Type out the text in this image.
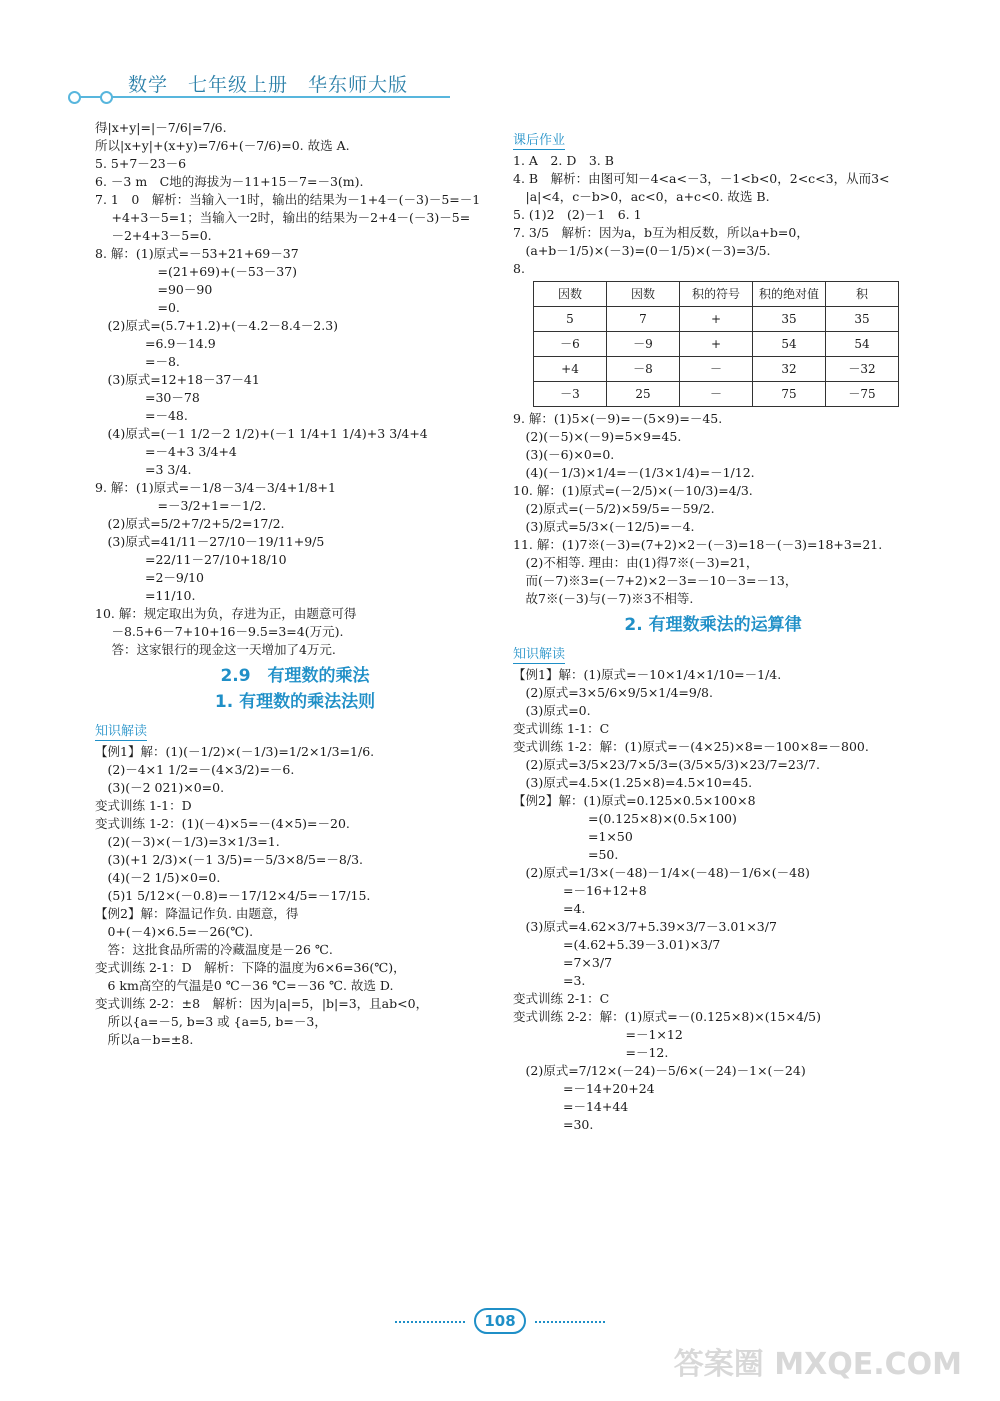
数学　七年级上册　华东师大版
得|x+y|=|－7/6|=7/6.
所以|x+y|+(x+y)=7/6+(－7/6)=0. 故选 A.
5. 5+7－23－6
6. －3 m　C地的海拔为－11+15－7=－3(m).
7. 1　0　解析：当输入一1时，输出的结果为－1+4－(－3)－5=－1
　 +4+3－5=1；当输入一2时，输出的结果为－2+4－(－3)－5=
　 －2+4+3－5=0.
8. 解：(1)原式=－53+21+69－37
　　　　　=(21+69)+(－53－37)
　　　　　=90－90
　　　　　=0.
　(2)原式=(5.7+1.2)+(－4.2－8.4－2.3)
　　　　=6.9－14.9
　　　　=－8.
　(3)原式=12+18－37－41
　　　　=30－78
　　　　=－48.
　(4)原式=(－1 1/2－2 1/2)+(－1 1/4+1 1/4)+3 3/4+4
　　　　=－4+3 3/4+4
　　　　=3 3/4.
9. 解：(1)原式=－1/8－3/4－3/4+1/8+1
　　　　　=－3/2+1=－1/2.
　(2)原式=5/2+7/2+5/2=17/2.
　(3)原式=41/11－27/10－19/11+9/5
　　　　=22/11－27/10+18/10
　　　　=2－9/10
　　　　=11/10.
10. 解：规定取出为负，存进为正，由题意可得
　 －8.5+6－7+10+16－9.5=3=4(万元).
　 答：这家银行的现金这一天增加了4万元.
2.9　有理数的乘法
1. 有理数的乘法法则
知识解读
【例1】解：(1)(－1/2)×(－1/3)=1/2×1/3=1/6.
　(2)－4×1 1/2=－(4×3/2)=－6.
　(3)(－2 021)×0=0.
变式训练 1-1：D
变式训练 1-2：(1)(－4)×5=－(4×5)=－20.
　(2)(－3)×(－1/3)=3×1/3=1.
　(3)(+1 2/3)×(－1 3/5)=－5/3×8/5=－8/3.
　(4)(－2 1/5)×0=0.
　(5)1 5/12×(－0.8)=－17/12×4/5=－17/15.
【例2】解：降温记作负. 由题意，得
　0+(－4)×6.5=－26(℃).
　答：这批食品所需的冷藏温度是－26 ℃.
变式训练 2-1：D　解析：下降的温度为6×6=36(℃)，
　6 km高空的气温是0 ℃－36 ℃=－36 ℃. 故选 D.
变式训练 2-2：±8　解析：因为|a|=5，|b|=3，且ab<0，
　所以{a=－5, b=3 或 {a=5, b=－3，
　所以a－b=±8.
课后作业
1. A　2. D　3. B
4. B　解析：由图可知－4<a<－3，－1<b<0，2<c<3，从而3<
　|a|<4，c－b>0，ac<0，a+c<0. 故选 B.
5. (1)2　(2)－1　6. 1
7. 3/5　解析：因为a，b互为相反数，所以a+b=0，
　(a+b－1/5)×(－3)=(0－1/5)×(－3)=3/5.
8.
因数	因数	积的符号	积的绝对值	积
5	7	+	35	35
－6	－9	+	54	54
+4	－8	－	32	－32
－3	25	－	75	－75
9. 解：(1)5×(－9)=－(5×9)=－45.
　(2)(－5)×(－9)=5×9=45.
　(3)(－6)×0=0.
　(4)(－1/3)×1/4=－(1/3×1/4)=－1/12.
10. 解：(1)原式=(－2/5)×(－10/3)=4/3.
　(2)原式=(－5/2)×59/5=－59/2.
　(3)原式=5/3×(－12/5)=－4.
11. 解：(1)7※(－3)=(7+2)×2－(－3)=18－(－3)=18+3=21.
　(2)不相等. 理由：由(1)得7※(－3)=21，
　而(－7)※3=(－7+2)×2－3=－10－3=－13，
　故7※(－3)与(－7)※3不相等.
2. 有理数乘法的运算律
知识解读
【例1】解：(1)原式=－10×1/4×1/10=－1/4.
　(2)原式=3×5/6×9/5×1/4=9/8.
　(3)原式=0.
变式训练 1-1：C
变式训练 1-2：解：(1)原式=－(4×25)×8=－100×8=－800.
　(2)原式=3/5×23/7×5/3=(3/5×5/3)×23/7=23/7.
　(3)原式=4.5×(1.25×8)=4.5×10=45.
【例2】解：(1)原式=0.125×0.5×100×8
　　　　　　=(0.125×8)×(0.5×100)
　　　　　　=1×50
　　　　　　=50.
　(2)原式=1/3×(－48)－1/4×(－48)－1/6×(－48)
　　　　=－16+12+8
　　　　=4.
　(3)原式=4.62×3/7+5.39×3/7－3.01×3/7
　　　　=(4.62+5.39－3.01)×3/7
　　　　=7×3/7
　　　　=3.
变式训练 2-1：C
变式训练 2-2：解：(1)原式=－(0.125×8)×(15×4/5)
　　　　　　　　　=－1×12
　　　　　　　　　=－12.
　(2)原式=7/12×(－24)－5/6×(－24)－1×(－24)
　　　　=－14+20+24
　　　　=－14+44
　　　　=30.
108
答案圈 MXQE.COM
